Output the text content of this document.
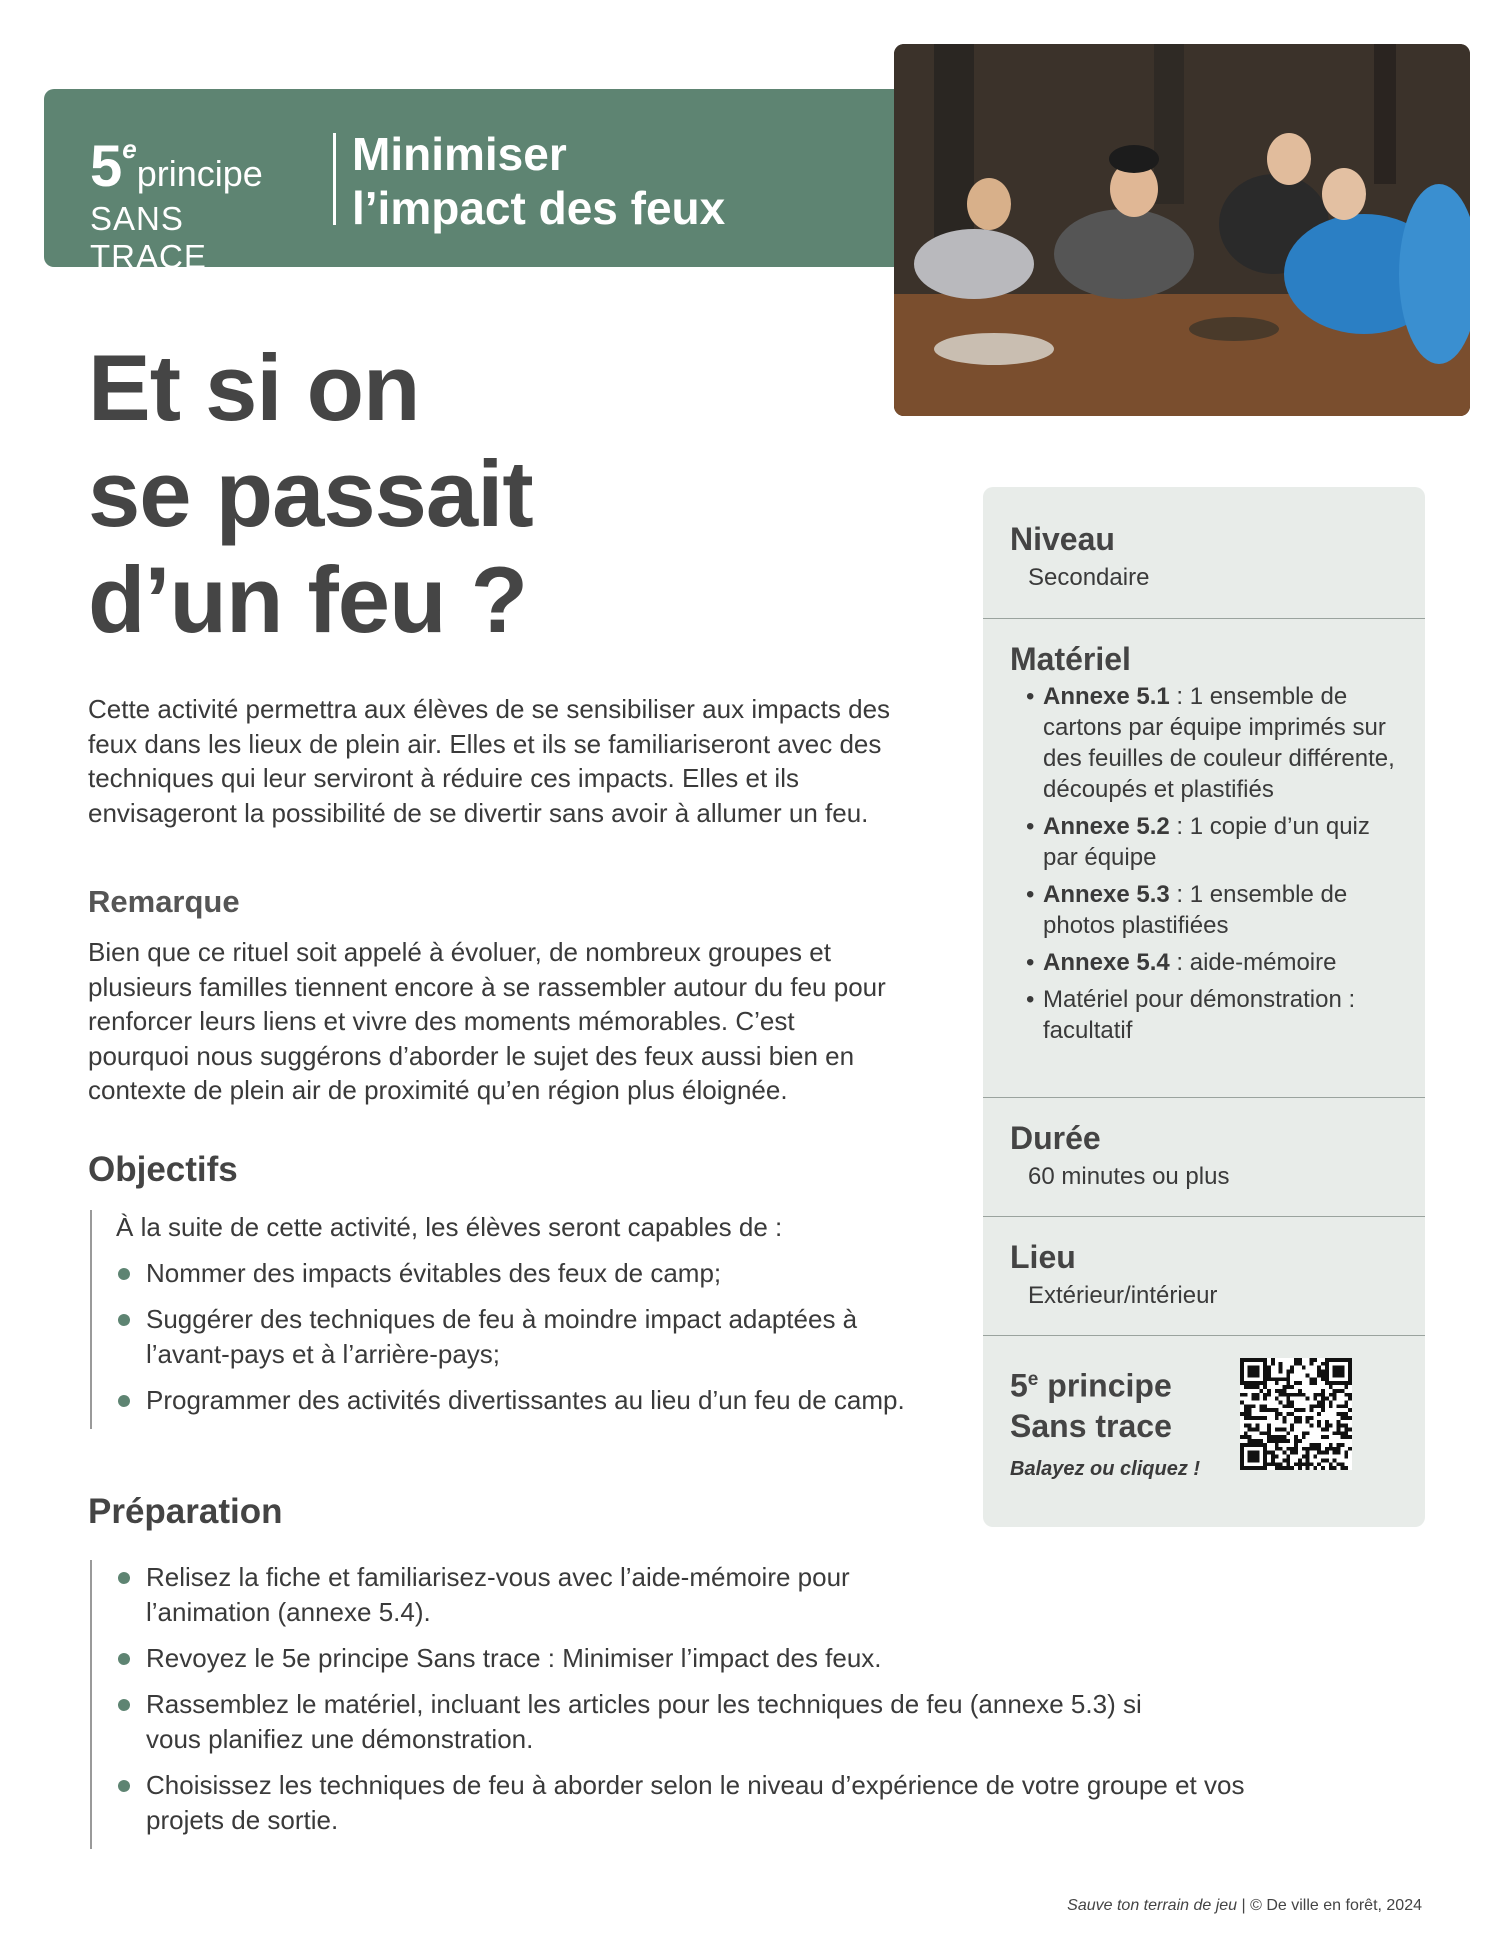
5eprincipe
SANS TRACE
Minimiser
l’impact des feux
Et si on
se passait
d’un feu ?

Cette activité permettra aux élèves de se sensibiliser aux impacts des feux dans les lieux de plein air. Elles et ils se familiariseront avec des techniques qui leur serviront à réduire ces impacts. Elles et ils envisageront la possibilité de se divertir sans avoir à allumer un feu.

Remarque

Bien que ce rituel soit appelé à évoluer, de nombreux groupes et plusieurs familles tiennent encore à se rassembler autour du feu pour renforcer leurs liens et vivre des moments mémorables. C’est pourquoi nous suggérons d’aborder le sujet des feux aussi bien en contexte de plein air de proximité qu’en région plus éloignée.

Objectifs

À la suite de cette activité, les élèves seront capables de :

Nommer des impacts évitables des feux de camp;
Suggérer des techniques de feu à moindre impact adaptées à l’avant-pays et à l’arrière-pays;
Programmer des activités divertissantes au lieu d’un feu de camp.
Préparation
Relisez la fiche et familiarisez-vous avec l’aide-mémoire pour l’animation (annexe 5.4).
Revoyez le 5e principe Sans trace : Minimiser l’impact des feux.
Rassemblez le matériel, incluant les articles pour les techniques de feu (annexe 5.3) si vous planifiez une démonstration.
Choisissez les techniques de feu à aborder selon le niveau d’expérience de votre groupe et vos projets de sortie.
Niveau

Secondaire

Matériel
• Annexe 5.1 : 1 ensemble de cartons par équipe imprimés sur des feuilles de couleur différente, découpés et plastifiés
• Annexe 5.2 : 1 copie d’un quiz par équipe
• Annexe 5.3 : 1 ensemble de photos plastifiées
• Annexe 5.4 : aide-mémoire
• Matériel pour démonstration : facultatif
Durée

60 minutes ou plus

Lieu

Extérieur/intérieur

5e principe
Sans trace

Balayez ou cliquez !
Sauve ton terrain de jeu | © De ville en forêt, 2024
